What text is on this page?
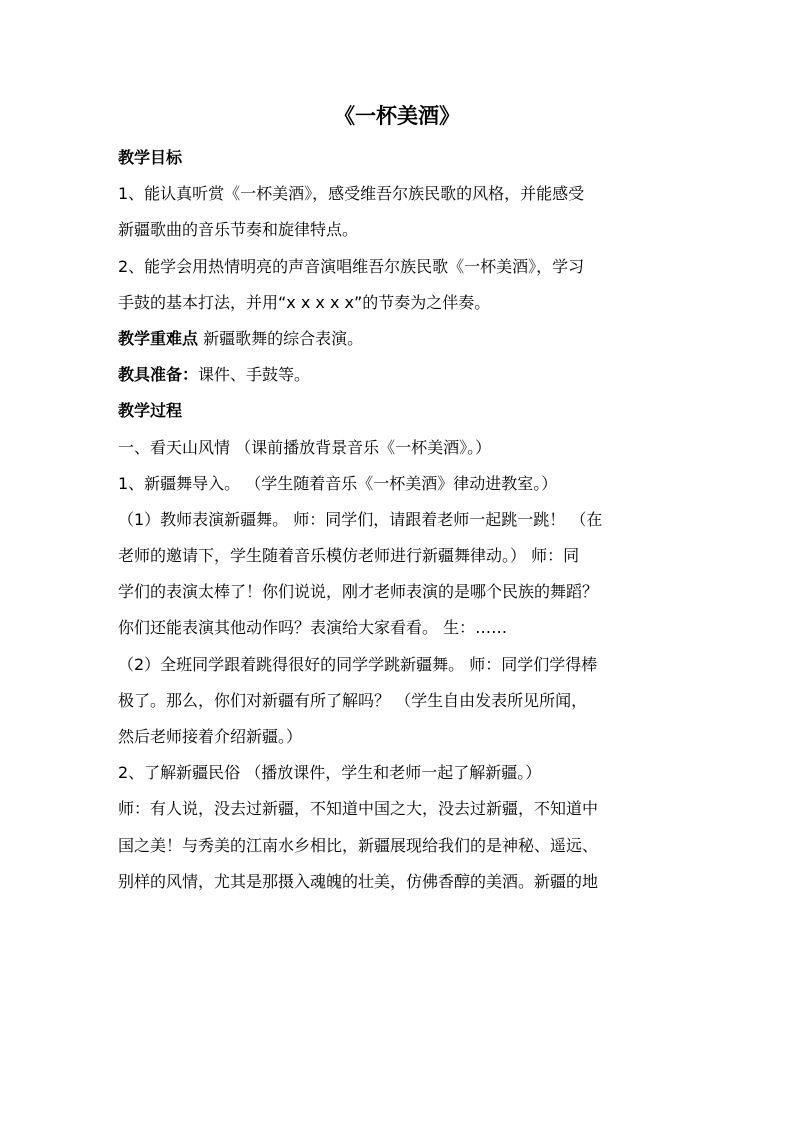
《一杯美酒》
教学目标
1、能认真听赏《一杯美酒》，感受维吾尔族民歌的风格，并能感受
新疆歌曲的音乐节奏和旋律特点。
2、能学会用热情明亮的声音演唱维吾尔族民歌《一杯美酒》，学习
手鼓的基本打法，并用“x x x x x”的节奏为之伴奏。
教学重难点 新疆歌舞的综合表演。
教具准备：课件、手鼓等。
教学过程
一、看天山风情 （课前播放背景音乐《一杯美酒》。）
1、新疆舞导入。 （学生随着音乐《一杯美酒》律动进教室。）
（1）教师表演新疆舞。 师：同学们，请跟着老师一起跳一跳！ （在
老师的邀请下，学生随着音乐模仿老师进行新疆舞律动。） 师：同
学们的表演太棒了！你们说说，刚才老师表演的是哪个民族的舞蹈？
你们还能表演其他动作吗？表演给大家看看。 生：……
（2）全班同学跟着跳得很好的同学学跳新疆舞。 师：同学们学得棒
极了。那么，你们对新疆有所了解吗？ （学生自由发表所见所闻，
然后老师接着介绍新疆。）
2、了解新疆民俗 （播放课件，学生和老师一起了解新疆。）
师：有人说，没去过新疆，不知道中国之大，没去过新疆，不知道中
国之美！与秀美的江南水乡相比，新疆展现给我们的是神秘、遥远、
别样的风情，尤其是那摄入魂魄的壮美，仿佛香醇的美酒。新疆的地
